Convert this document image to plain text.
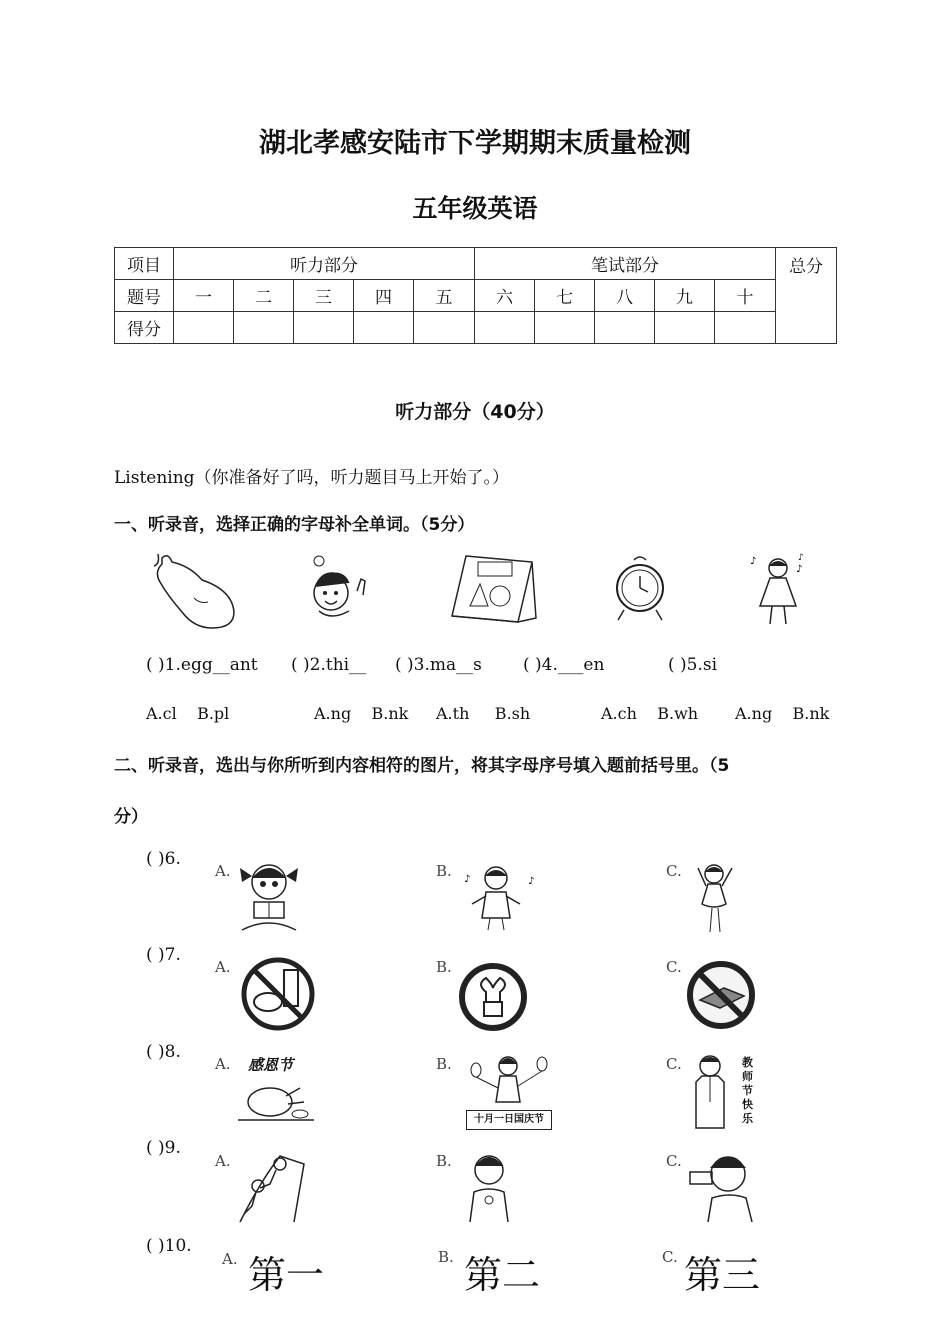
湖北孝感安陆市下学期期末质量检测
五年级英语
项目	听力部分					笔试部分					总分
题号	一	二	三	四	五	六	七	八	九	十	
得分											
听力部分（40分）
Listening（你准备好了吗，听力题目马上开始了。）
一、听录音，选择正确的字母补全单词。（5分）
♪
♪
♪
( )1.egg__ant ( )2.thi__ ( )3.ma__s ( )4.___en	( )5.si
A.cl    B.pl	A.ng    B.nk A.th     B.sh	A.ch    B.wh A.ng    B.nk
二、听录音，选出与你所听到内容相符的图片，将其字母序号填入题前括号里。（5
分）
( )6.
A.	B.	C.
♪	♪
( )7.
A.	B.	C.
( )8.
A.	B.	C.
感恩节
十月一日国庆节
教
师
节
快
乐
( )9.
A.	B.	C.
( )10.
A. 第一	B. 第二	C. 第三
